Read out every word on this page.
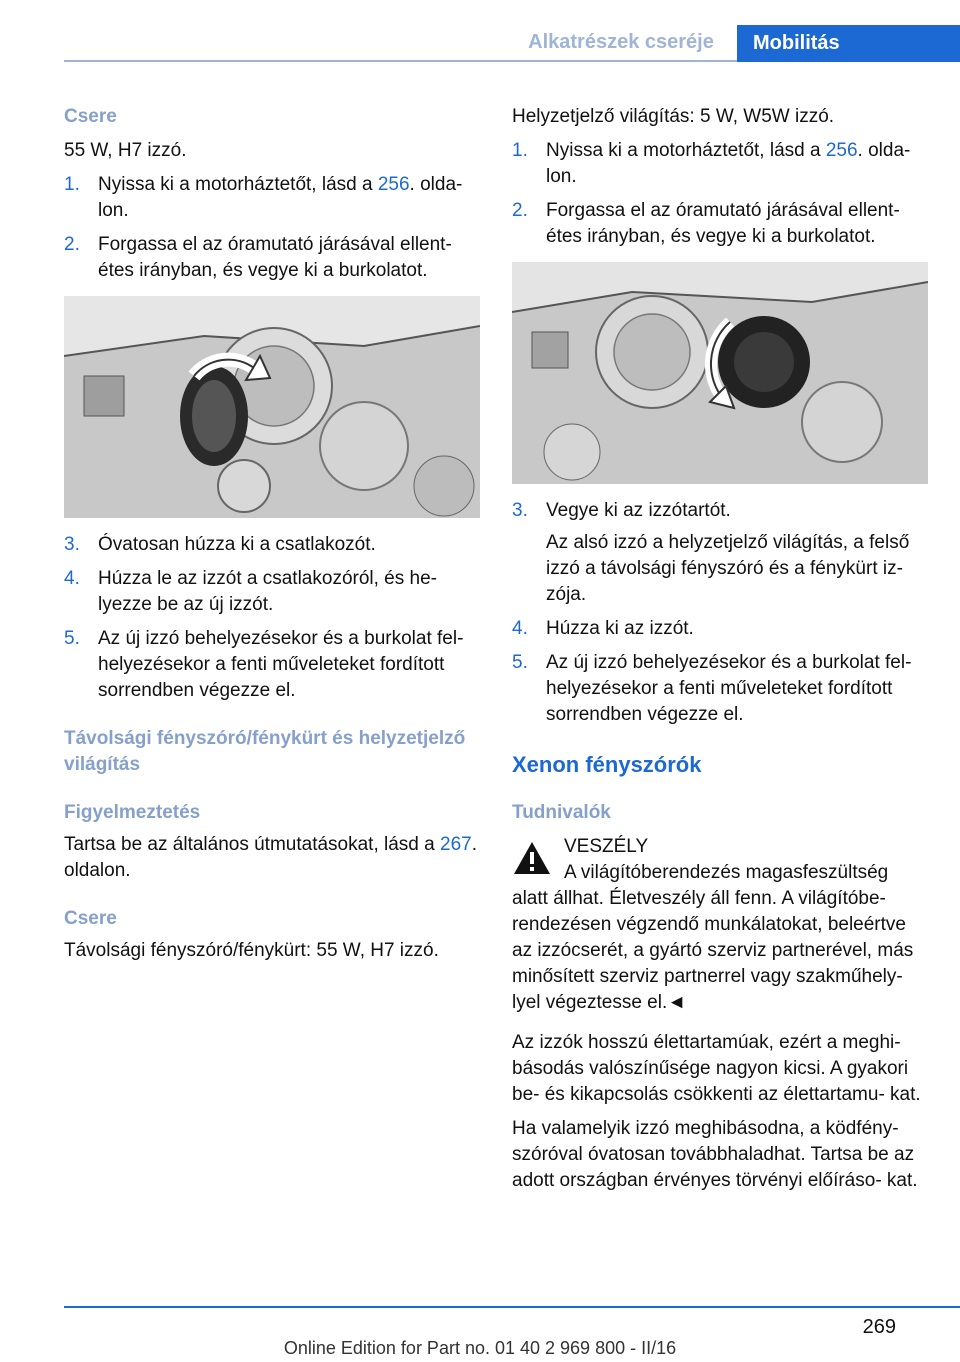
Alkatrészek cseréje	Mobilitás

Csere

55 W, H7 izzó.

1. Nyissa ki a motorháztetőt, lásd a 256. olda‐ lon.
2. Forgassa el az óramutató járásával ellent‐ étes irányban, és vegye ki a burkolatot.
3. Óvatosan húzza ki a csatlakozót.
4. Húzza le az izzót a csatlakozóról, és he‐ lyezze be az új izzót.
5. Az új izzó behelyezésekor és a burkolat fel‐ helyezésekor a fenti műveleteket fordított sorrendben végezze el.

Távolsági fényszóró/fénykürt és helyzetjelző világítás

Figyelmeztetés

Tartsa be az általános útmutatásokat, lásd a 267. oldalon.

Csere

Távolsági fényszóró/fénykürt: 55 W, H7 izzó.

Helyzetjelző világítás: 5 W, W5W izzó.

1. Nyissa ki a motorháztetőt, lásd a 256. olda‐ lon.
2. Forgassa el az óramutató járásával ellent‐ étes irányban, és vegye ki a burkolatot.
3. Vegye ki az izzótartót.
Az alsó izzó a helyzetjelző világítás, a felső izzó a távolsági fényszóró és a fénykürt iz‐ zója.
4. Húzza ki az izzót.
5. Az új izzó behelyezésekor és a burkolat fel‐ helyezésekor a fenti műveleteket fordított sorrendben végezze el.

Xenon fényszórók

Tudnivalók

VESZÉLY

A világítóberendezés magasfeszültség alatt állhat. Életveszély áll fenn. A világítóbe‐ rendezésen végzendő munkálatokat, beleértve az izzócserét, a gyártó szerviz partnerével, más minősített szerviz partnerrel vagy szakműhely‐ lyel végeztesse el.◄

Az izzók hosszú élettartamúak, ezért a meghi‐ básodás valószínűsége nagyon kicsi. A gyakori be- és kikapcsolás csökkenti az élettartamu‐ kat.

Ha valamelyik izzó meghibásodna, a ködfény‐ szóróval óvatosan továbbhaladhat. Tartsa be az adott országban érvényes törvényi előíráso‐ kat.

269
Online Edition for Part no. 01 40 2 969 800 - II/16
